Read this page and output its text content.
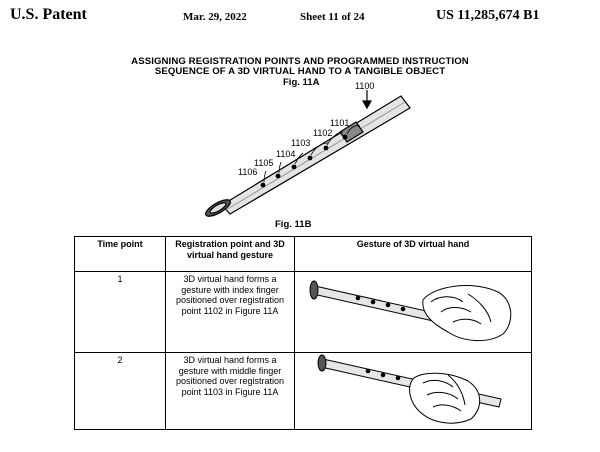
U.S. Patent	Mar. 29, 2022	Sheet 11 of 24	US 11,285,674 B1
ASSIGNING REGISTRATION POINTS AND PROGRAMMED INSTRUCTION
SEQUENCE OF A 3D VIRTUAL HAND TO A TANGIBLE OBJECT
Fig. 11A	1100
1101
1102
1103
1104
1105
1106
Fig. 11B
Time point	Registration point and 3D virtual hand gesture	Gesture of 3D virtual hand
1	3D virtual hand forms a gesture with index finger positioned over registration point 1102 in Figure 11A

2	3D virtual hand forms a gesture with middle finger positioned over registration point 1103 in Figure 11A
